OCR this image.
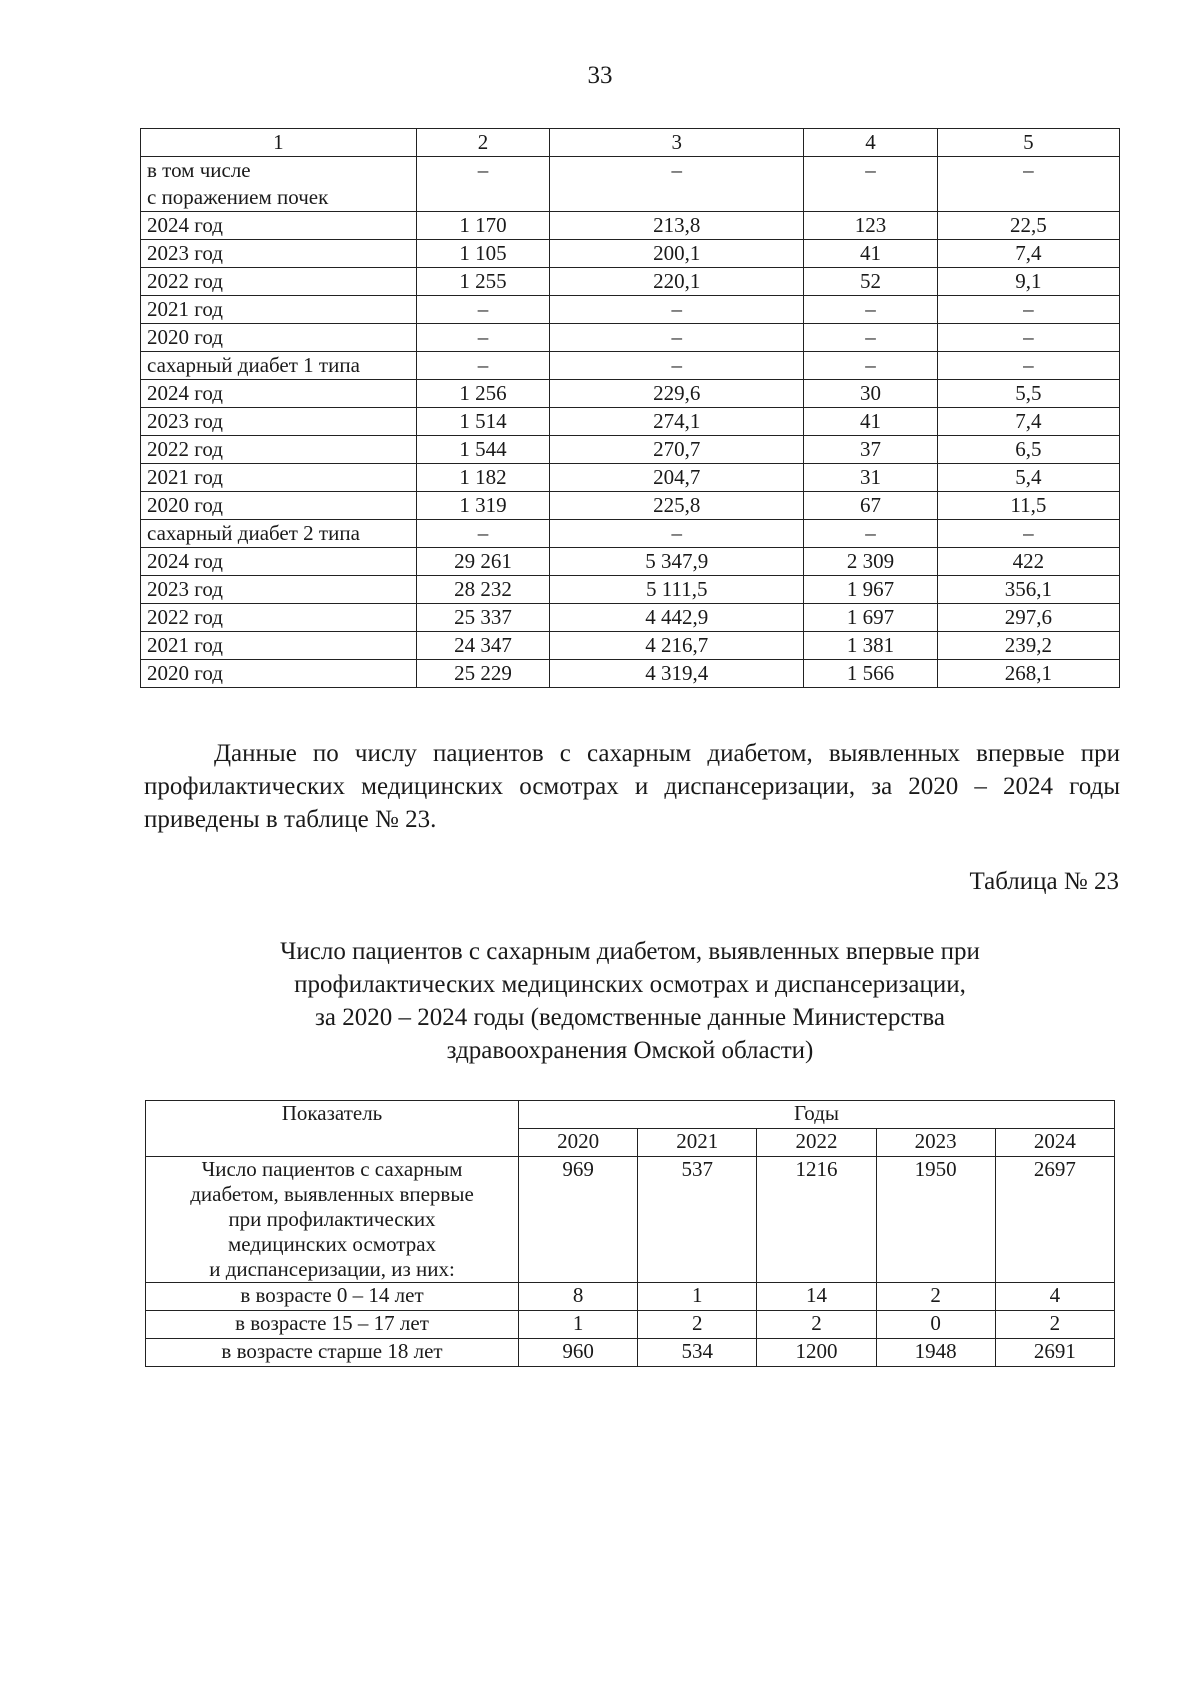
33
1	2	3	4	5

в том числе
с поражением почек	–	–	–	–

2024 год	1 170	213,8	123	22,5

2023 год	1 105	200,1	41	7,4

2022 год	1 255	220,1	52	9,1

2021 год	–	–	–	–

2020 год	–	–	–	–

сахарный диабет 1 типа	–	–	–	–

2024 год	1 256	229,6	30	5,5

2023 год	1 514	274,1	41	7,4

2022 год	1 544	270,7	37	6,5

2021 год	1 182	204,7	31	5,4

2020 год	1 319	225,8	67	11,5

сахарный диабет 2 типа	–	–	–	–

2024 год	29 261	5 347,9	2 309	422

2023 год	28 232	5 111,5	1 967	356,1

2022 год	25 337	4 442,9	1 697	297,6

2021 год	24 347	4 216,7	1 381	239,2

2020 год	25 229	4 319,4	1 566	268,1
Данные по числу пациентов с сахарным диабетом, выявленных впервые при профилактических медицинских осмотрах и диспансеризации, за 2020 – 2024 годы приведены в таблице № 23.
Таблица № 23
Число пациентов с сахарным диабетом, выявленных впервые при
профилактических медицинских осмотрах и диспансеризации,
за 2020 – 2024 годы (ведомственные данные Министерства
здравоохранения Омской области)
Показатель	Годы				
	2020	2021	2022	2023	2024

Число пациентов с сахарным
диабетом, выявленных впервые
при профилактических
медицинских осмотрах
и диспансеризации, из них:	969	537	1216	1950	2697
в возрасте 0 – 14 лет	8	1	14	2	4
в возрасте 15 – 17 лет	1	2	2	0	2
в возрасте старше 18 лет	960	534	1200	1948	2691
